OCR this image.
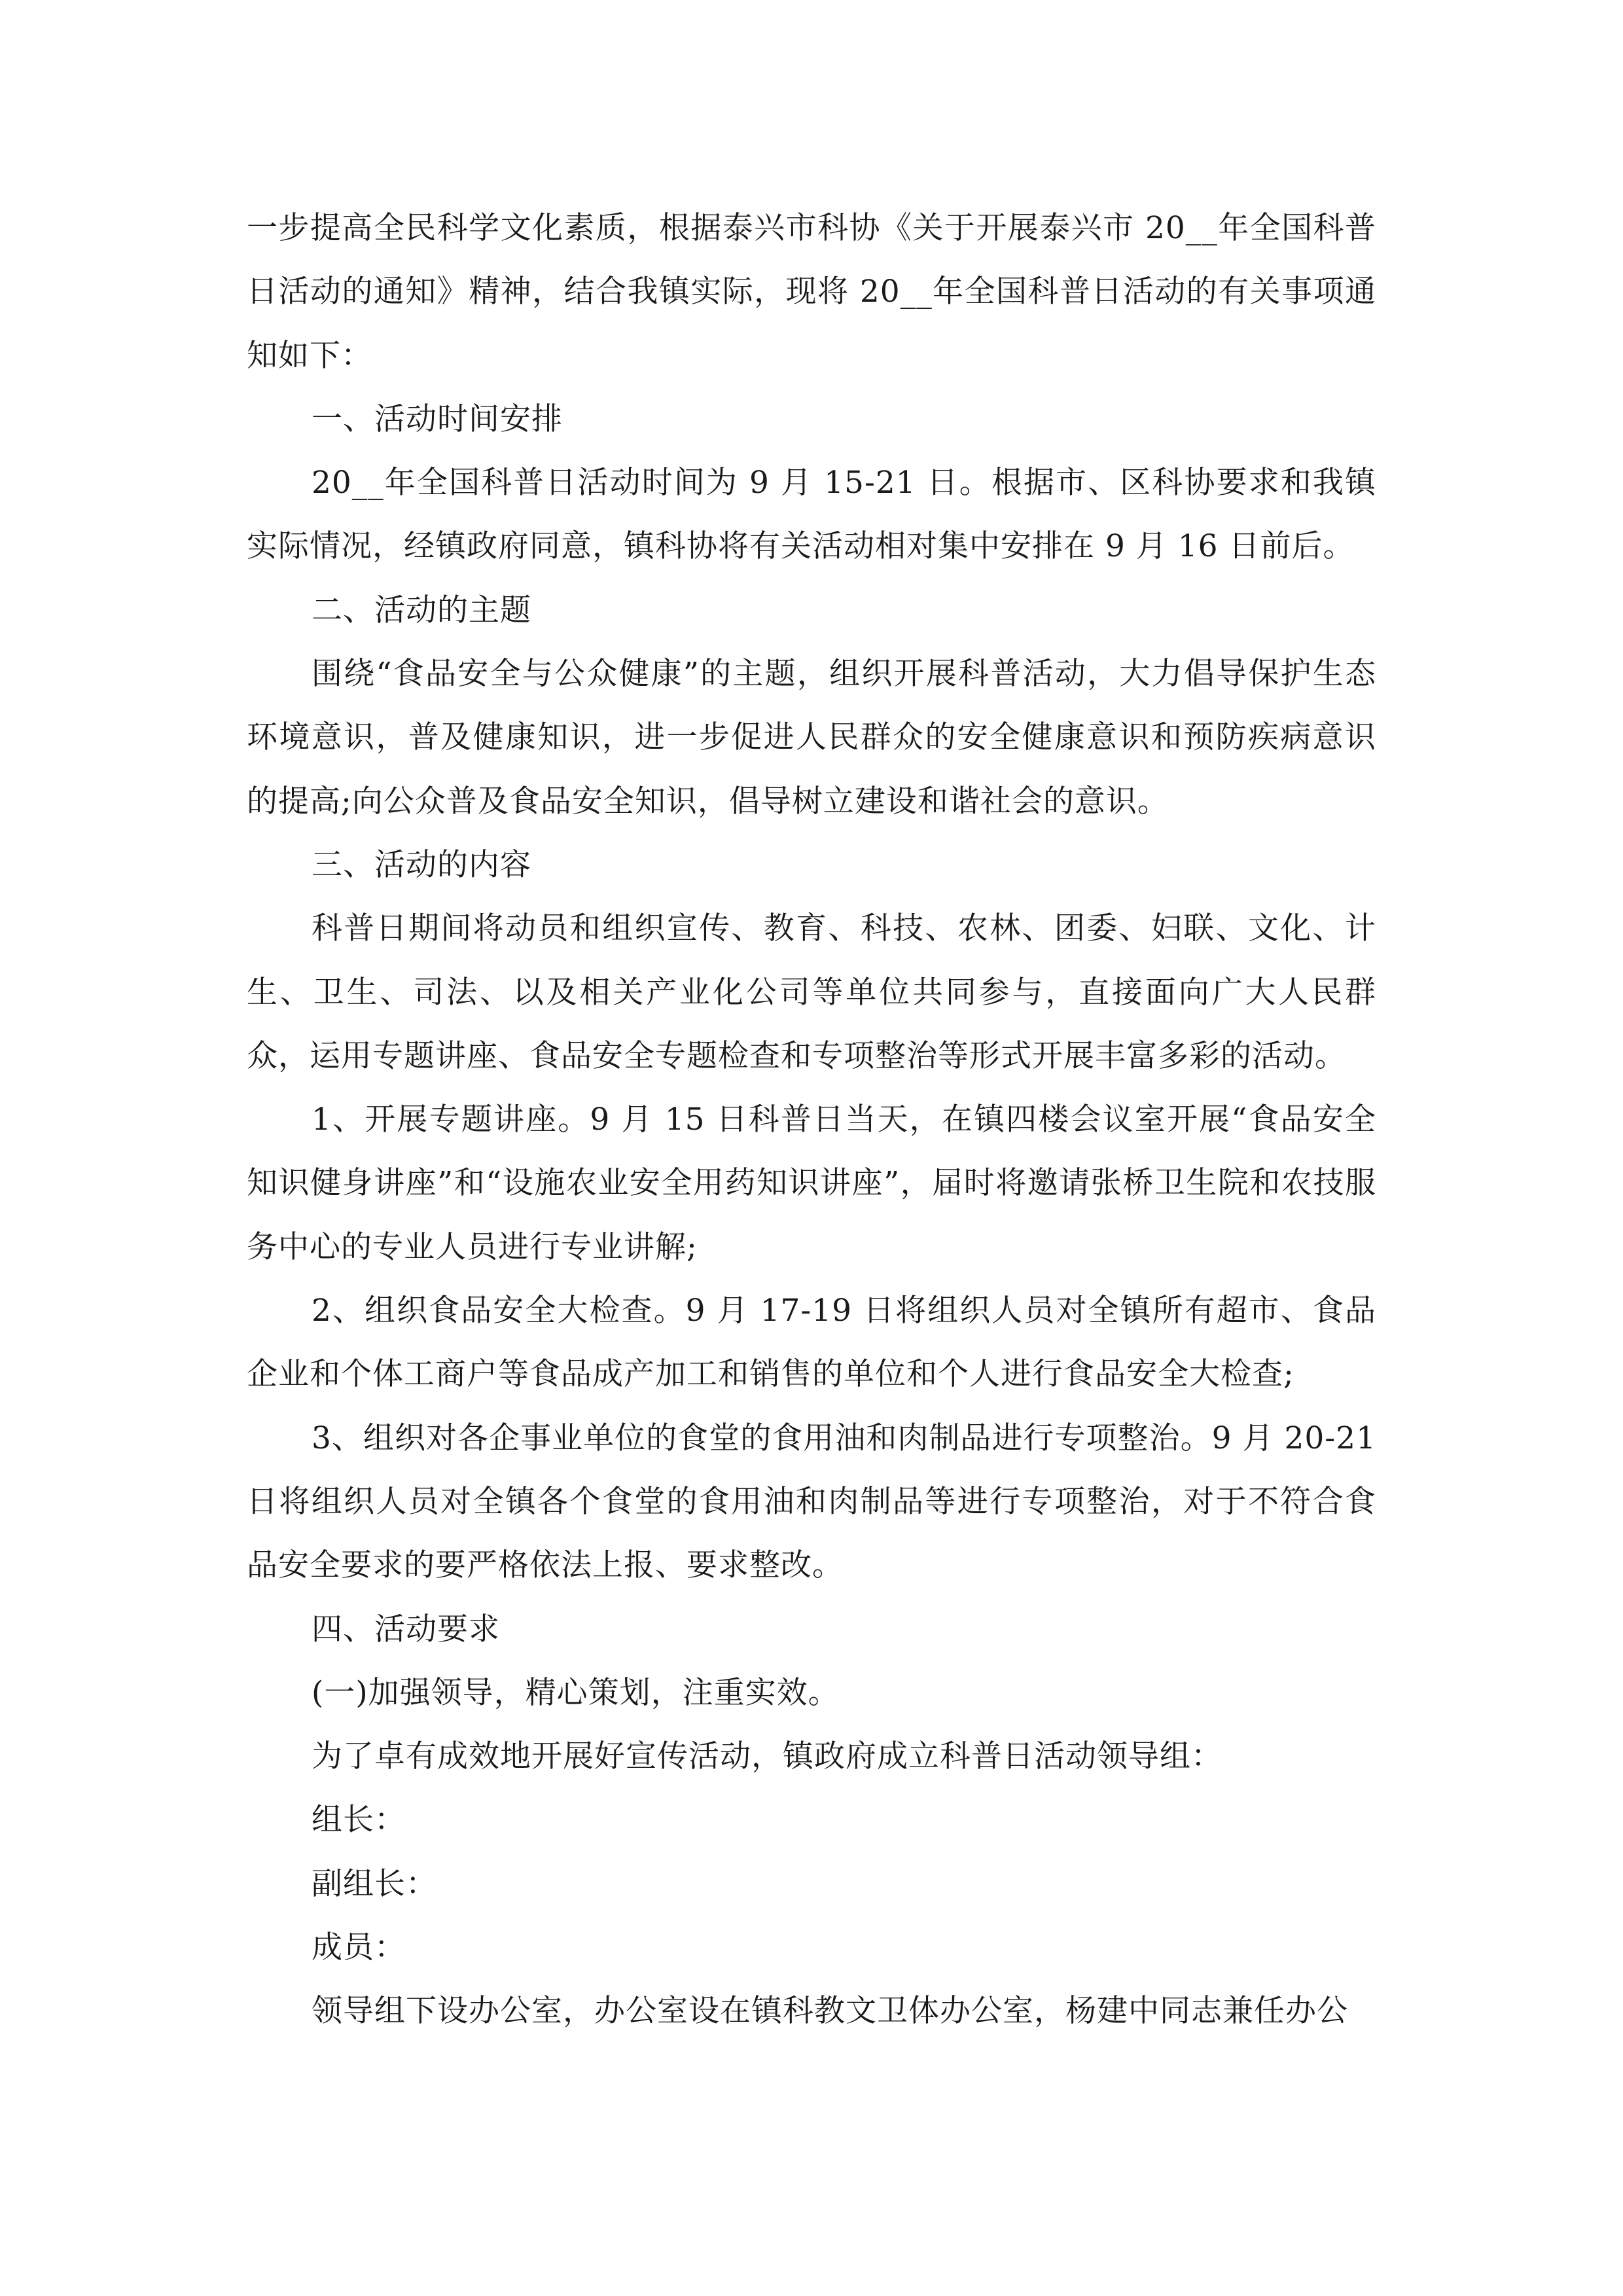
一步提高全民科学文化素质，根据泰兴市科协《关于开展泰兴市 20__年全国科普日活动的通知》精神，结合我镇实际，现将 20__年全国科普日活动的有关事项通知如下：

一、活动时间安排

20__年全国科普日活动时间为 9 月 15-21 日。根据市、区科协要求和我镇实际情况，经镇政府同意，镇科协将有关活动相对集中安排在 9 月 16 日前后。

二、活动的主题

围绕“食品安全与公众健康”的主题，组织开展科普活动，大力倡导保护生态环境意识，普及健康知识，进一步促进人民群众的安全健康意识和预防疾病意识的提高;向公众普及食品安全知识，倡导树立建设和谐社会的意识。

三、活动的内容

科普日期间将动员和组织宣传、教育、科技、农林、团委、妇联、文化、计生、卫生、司法、以及相关产业化公司等单位共同参与，直接面向广大人民群众，运用专题讲座、食品安全专题检查和专项整治等形式开展丰富多彩的活动。

1、开展专题讲座。9 月 15 日科普日当天，在镇四楼会议室开展“食品安全知识健身讲座”和“设施农业安全用药知识讲座”，届时将邀请张桥卫生院和农技服务中心的专业人员进行专业讲解;

2、组织食品安全大检查。9 月 17-19 日将组织人员对全镇所有超市、食品企业和个体工商户等食品成产加工和销售的单位和个人进行食品安全大检查;

3、组织对各企事业单位的食堂的食用油和肉制品进行专项整治。9 月 20-21 日将组织人员对全镇各个食堂的食用油和肉制品等进行专项整治，对于不符合食品安全要求的要严格依法上报、要求整改。

四、活动要求

(一)加强领导，精心策划，注重实效。

为了卓有成效地开展好宣传活动，镇政府成立科普日活动领导组：

组长：

副组长：

成员：

领导组下设办公室，办公室设在镇科教文卫体办公室，杨建中同志兼任办公
